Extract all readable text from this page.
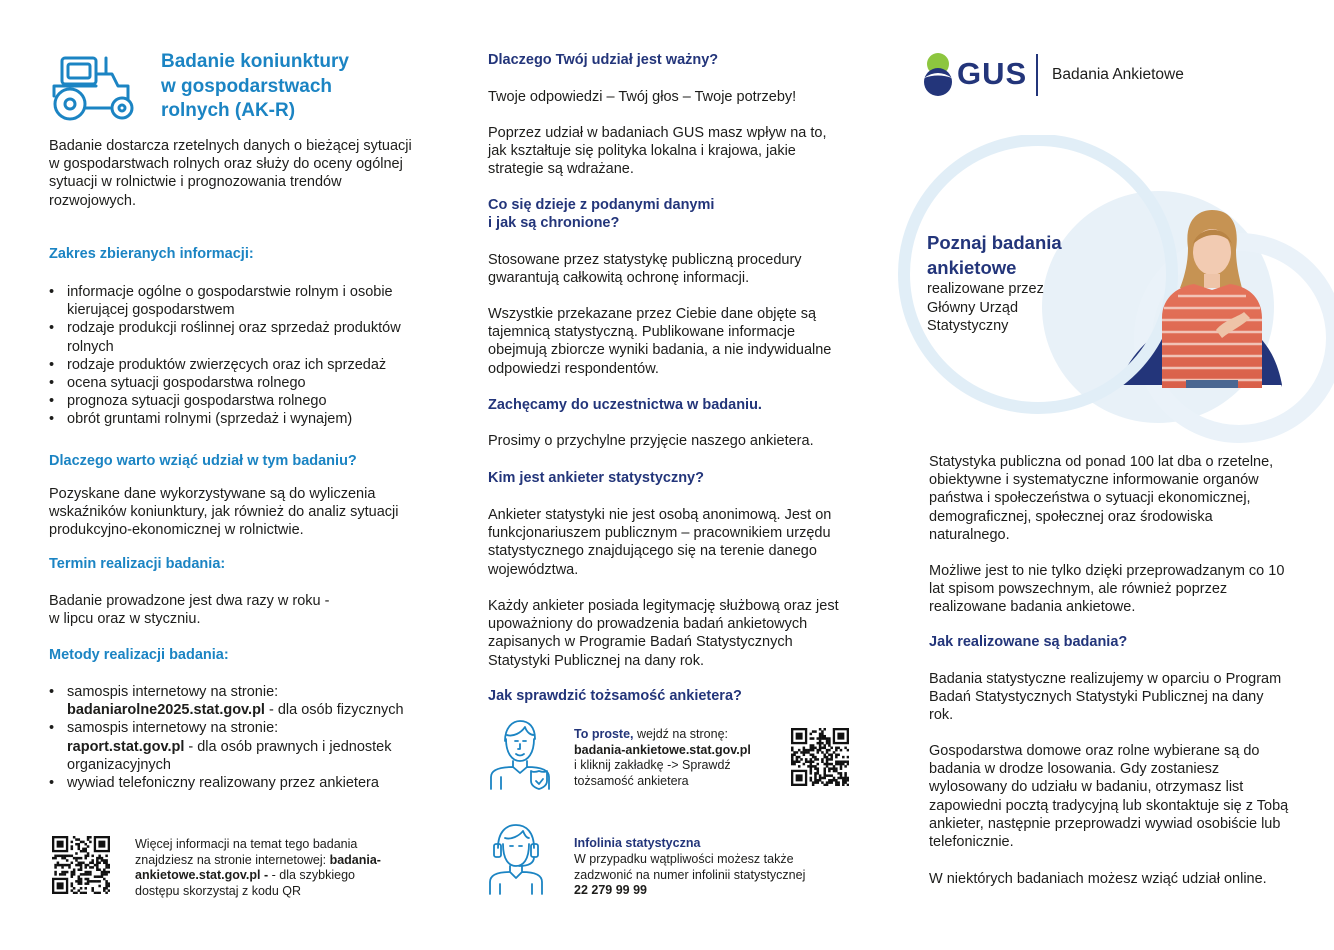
Badanie koniunktury
w gospodarstwach
rolnych (AK-R)

Badanie dostarcza rzetelnych danych o bieżącej sytuacji w gospodarstwach rolnych oraz służy do oceny ogólnej sytuacji w rolnictwie i prognozowania trendów rozwojowych.

Zakres zbieranych informacji:
• informacje ogólne o gospodarstwie rolnym i osobie kierującej gospodarstwem
• rodzaje produkcji roślinnej oraz sprzedaż produktów rolnych
• rodzaje produktów zwierzęcych oraz ich sprzedaż
• ocena sytuacji gospodarstwa rolnego
• prognoza sytuacji gospodarstwa rolnego
• obrót gruntami rolnymi (sprzedaż i wynajem)
Dlaczego warto wziąć udział w tym badaniu?

Pozyskane dane wykorzystywane są do wyliczenia wskaźników koniunktury, jak również do analiz sytuacji produkcyjno-ekonomicznej w rolnictwie.

Termin realizacji badania:
Badanie prowadzone jest dwa razy w roku -
w lipcu oraz w styczniu.
Metody realizacji badania:
• samospis internetowy na stronie:
badaniarolne2025.stat.gov.pl - dla osób fizycznych
• samospis internetowy na stronie:
raport.stat.gov.pl - dla osób prawnych i jednostek organizacyjnych
• wywiad telefoniczny realizowany przez ankietera

Więcej informacji na temat tego badania znajdziesz na stronie internetowej: badania-ankietowe.stat.gov.pl - - dla szybkiego dostępu skorzystaj z kodu QR

Dlaczego Twój udział jest ważny?

Twoje odpowiedzi – Twój głos – Twoje potrzeby!

Poprzez udział w badaniach GUS masz wpływ na to, jak kształtuje się polityka lokalna i krajowa, jakie strategie są wdrażane.

Co się dzieje z podanymi danymi
i jak są chronione?

Stosowane przez statystykę publiczną procedury gwarantują całkowitą ochronę informacji.

Wszystkie przekazane przez Ciebie dane objęte są tajemnicą statystyczną. Publikowane informacje obejmują zbiorcze wyniki badania, a nie indywidualne odpowiedzi respondentów.

Zachęcamy do uczestnictwa w badaniu.

Prosimy o przychylne przyjęcie naszego ankietera.

Kim jest ankieter statystyczny?

Ankieter statystyki nie jest osobą anonimową. Jest on funkcjonariuszem publicznym – pracownikiem urzędu statystycznego znajdującego się na terenie danego województwa.

Każdy ankieter posiada legitymację służbową oraz jest upoważniony do prowadzenia badań ankietowych zapisanych w Programie Badań Statystycznych Statystyki Publicznej na dany rok.

Jak sprawdzić tożsamość ankietera?

To proste, wejdź na stronę:
badania-ankietowe.stat.gov.pl
i kliknij zakładkę -> Sprawdź tożsamość ankietera

Infolinia statystyczna

W przypadku wątpliwości możesz także zadzwonić na numer infolinii statystycznej 22 279 99 99

GUS Badania Ankietowe
Poznaj badania
ankietowe
realizowane przez
Główny Urząd
Statystyczny

Statystyka publiczna od ponad 100 lat dba o rzetelne, obiektywne i systematyczne informowanie organów państwa i społeczeństwa o sytuacji ekonomicznej, demograficznej, społecznej oraz środowiska naturalnego.

Możliwe jest to nie tylko dzięki przeprowadzanym co 10 lat spisom powszechnym, ale również poprzez realizowane badania ankietowe.

Jak realizowane są badania?

Badania statystyczne realizujemy w oparciu o Program Badań Statystycznych Statystyki Publicznej na dany rok.

Gospodarstwa domowe oraz rolne wybierane są do badania w drodze losowania. Gdy zostaniesz wylosowany do udziału w badaniu, otrzymasz list zapowiedni pocztą tradycyjną lub skontaktuje się z Tobą ankieter, następnie przeprowadzi wywiad osobiście lub telefonicznie.

W niektórych badaniach możesz wziąć udział online.
